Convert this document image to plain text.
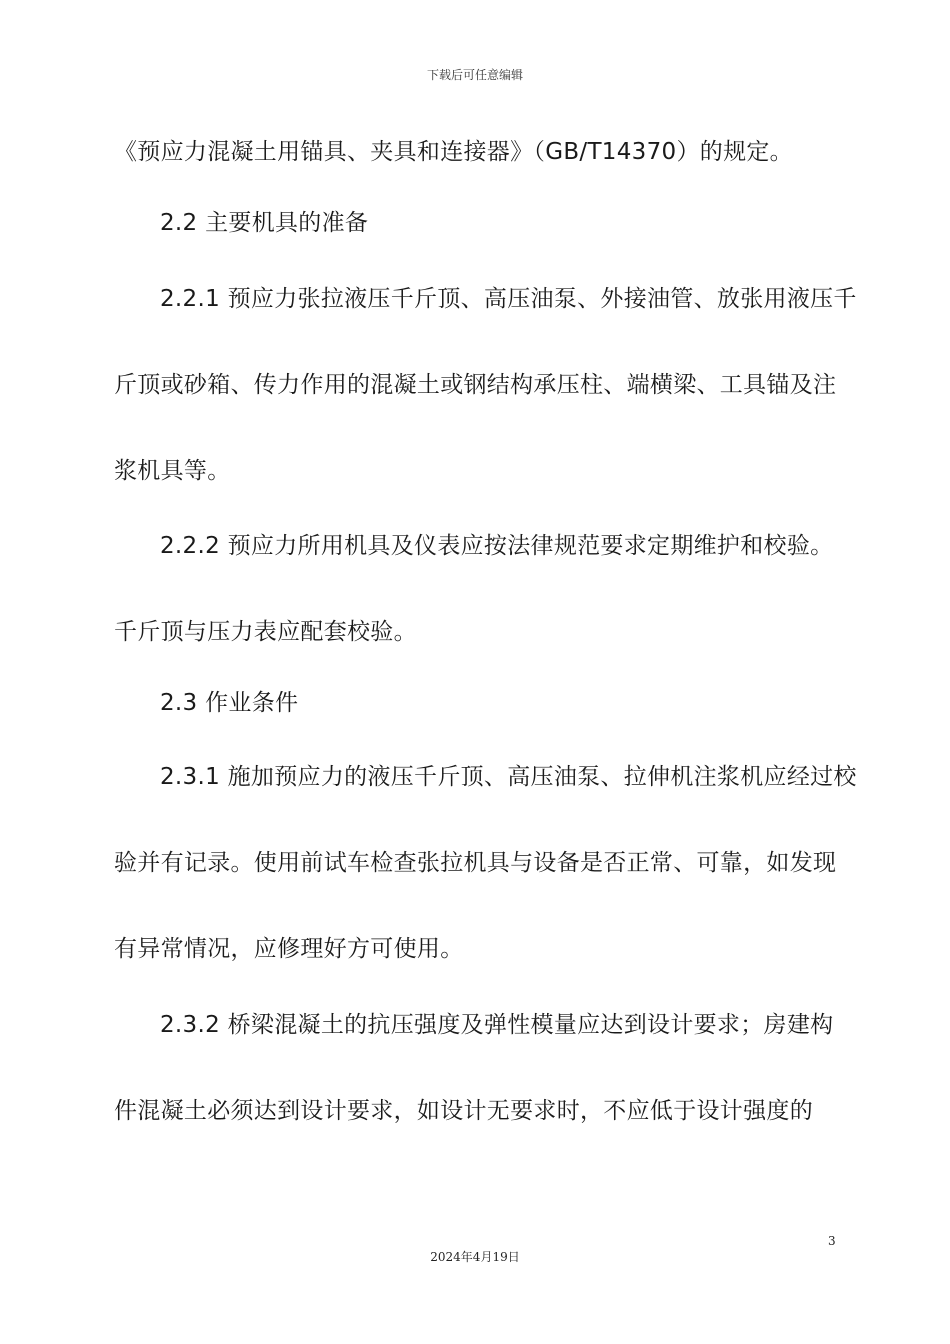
下载后可任意编辑
《预应力混凝土用锚具、夹具和连接器》（GB/T14370）的规定。
2.2 主要机具的准备
2.2.1 预应力张拉液压千斤顶、高压油泵、外接油管、放张用液压千
斤顶或砂箱、传力作用的混凝土或钢结构承压柱、端横梁、工具锚及注
浆机具等。
2.2.2 预应力所用机具及仪表应按法律规范要求定期维护和校验。
千斤顶与压力表应配套校验。
2.3 作业条件
2.3.1 施加预应力的液压千斤顶、高压油泵、拉伸机注浆机应经过校
验并有记录。使用前试车检查张拉机具与设备是否正常、可靠，如发现
有异常情况，应修理好方可使用。
2.3.2 桥梁混凝土的抗压强度及弹性模量应达到设计要求；房建构
件混凝土必须达到设计要求，如设计无要求时，不应低于设计强度的
3
2024年4月19日
